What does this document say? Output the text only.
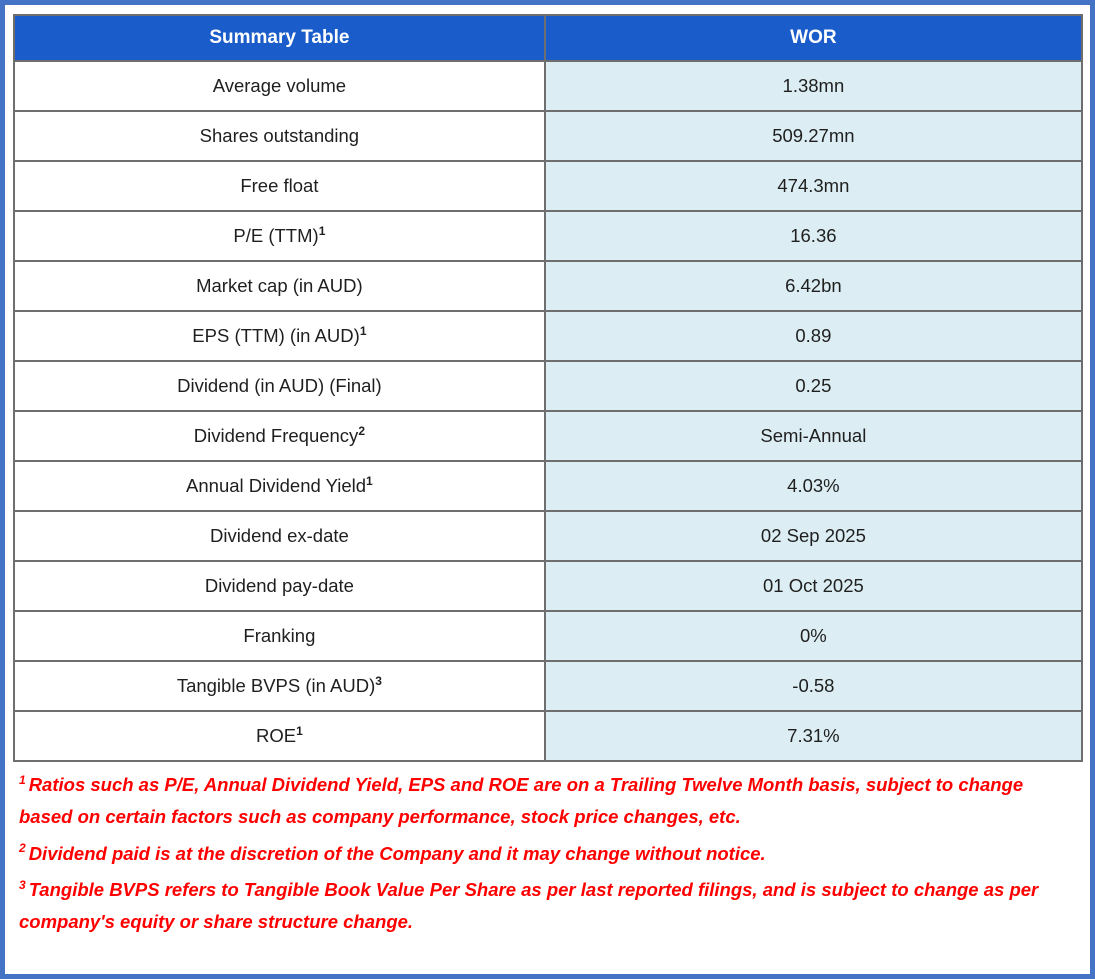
Summary Table	WOR
Average volume	1.38mn
Shares outstanding	509.27mn
Free float	474.3mn
P/E (TTM)$^1$	16.36
Market cap (in AUD)	6.42bn
EPS (TTM) (in AUD)$^1$	0.89
Dividend (in AUD) (Final)	0.25
Dividend Frequency$^2$	Semi-Annual
Annual Dividend Yield$^1$	4.03%
Dividend ex-date	02 Sep 2025
Dividend pay-date	01 Oct 2025
Franking	0%
Tangible BVPS (in AUD)$^3$	-0.58
ROE$^1$	7.31%

$^1$ Ratios such as P/E, Annual Dividend Yield, EPS and ROE are on a Trailing Twelve Month basis, subject to change based on certain factors such as company performance, stock price changes, etc.

$^2$ Dividend paid is at the discretion of the Company and it may change without notice.

$^3$ Tangible BVPS refers to Tangible Book Value Per Share as per last reported filings, and is subject to change as per company's equity or share structure change.
